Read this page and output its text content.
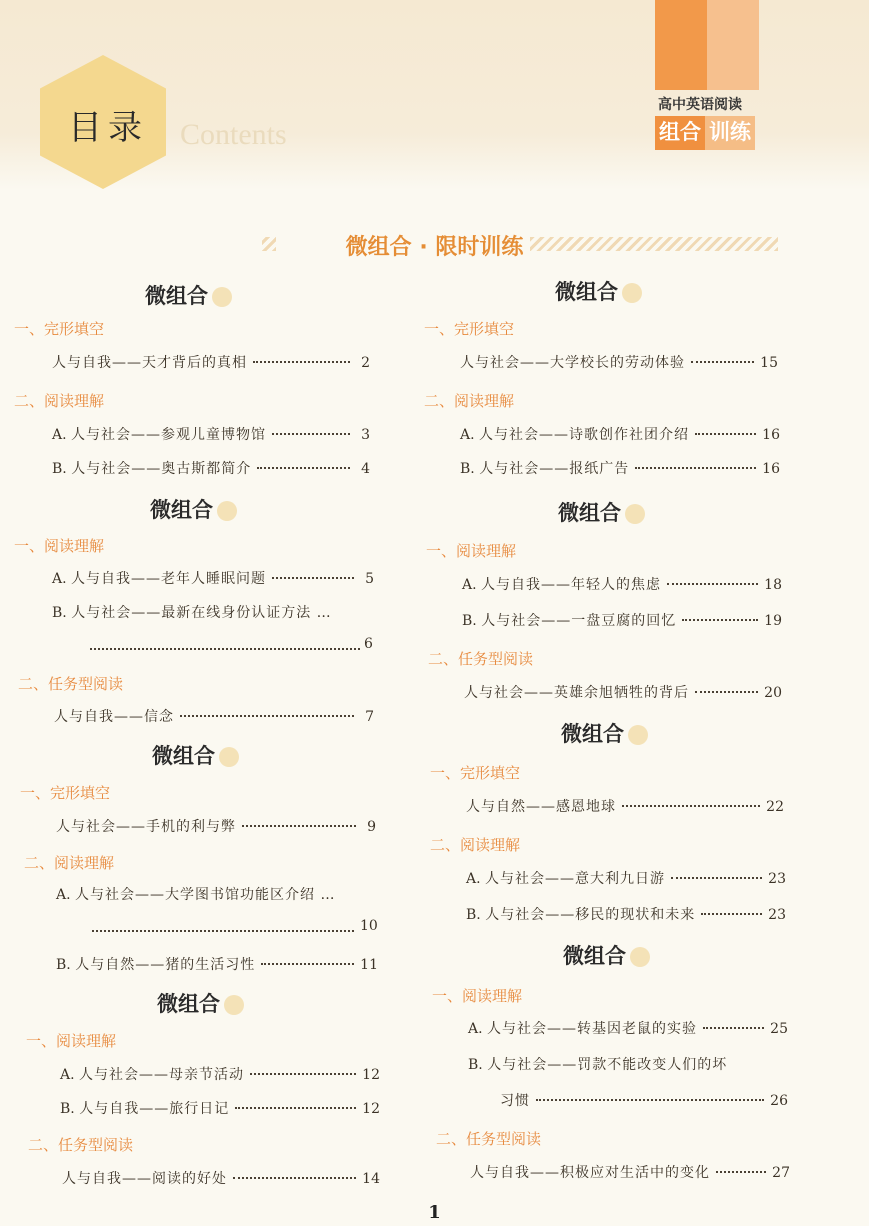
目录 Contents
高中英语阅读
组合 训练
微组合 · 限时训练
微组合
一、完形填空
人与自我——天才背后的真相	2
二、阅读理解
A.
人与社会——参观儿童博物馆	3
B.
人与社会——奥古斯都简介	4
微组合
一、阅读理解
A.
人与自我——老年人睡眠问题	5
B.
人与社会——最新在线身份认证方法 …
6
二、任务型阅读
人与自我——信念	7
微组合
一、完形填空
人与社会——手机的利与弊	9
二、阅读理解
A.
人与社会——大学图书馆功能区介绍 …
10
B.
人与自然——猪的生活习性	11
微组合
一、阅读理解
A.
人与社会——母亲节活动	12
B.
人与自我——旅行日记	12
二、任务型阅读
人与自我——阅读的好处	14
微组合
一、完形填空
人与社会——大学校长的劳动体验	15
二、阅读理解
A.
人与社会——诗歌创作社团介绍	16
B.
人与社会——报纸广告	16
微组合
一、阅读理解
A.
人与自我——年轻人的焦虑	18
B.
人与社会——一盘豆腐的回忆	19
二、任务型阅读
人与社会——英雄余旭牺牲的背后	20
微组合
一、完形填空
人与自然——感恩地球	22
二、阅读理解
A.
人与社会——意大利九日游	23
B.
人与社会——移民的现状和未来	23
微组合
一、阅读理解
A.
人与社会——转基因老鼠的实验	25
B.
人与社会——罚款不能改变人们的坏
习惯	26
二、任务型阅读
人与自我——积极应对生活中的变化	27
1
